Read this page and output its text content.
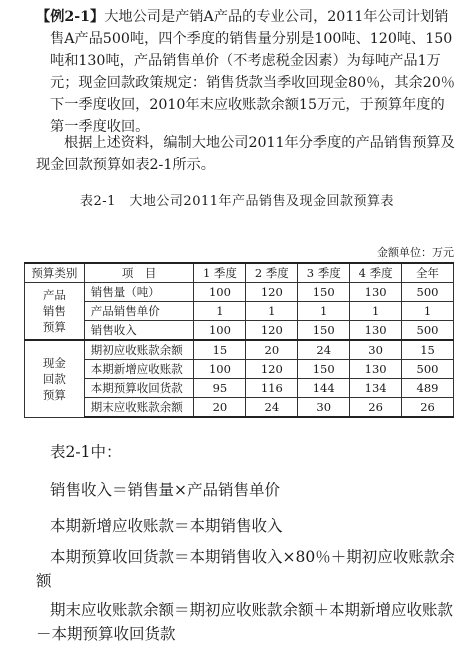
【例2-1】大地公司是产销A产品的专业公司，2011年公司计划销售A产品500吨，四个季度的销售量分别是100吨、120吨、150吨和130吨，产品销售单价（不考虑税金因素）为每吨产品1万元；现金回款政策规定：销售货款当季收回现金80％，其余20％下一季度收回，2010年末应收账款余额15万元，于预算年度的第一季度收回。

根据上述资料，编制大地公司2011年分季度的产品销售预算及现金回款预算如表2-1所示。

表2-1　大地公司2011年产品销售及现金回款预算表
金额单位：万元
预算类别	项　目	1 季度	2 季度	3 季度	4 季度	全年
产品
销售
预算	销售量（吨）	100	120	150	130	500
	产品销售单价	1	1	1	1	1
	销售收入	100	120	150	130	500
现金
回款
预算	期初应收账款余额	15	20	24	30	15
	本期新增应收账款	100	120	150	130	500
	本期预算收回货款	95	116	144	134	489
	期末应收账款余额	20	24	30	26	26

表2-1中：

销售收入＝销售量×产品销售单价

本期新增应收账款＝本期销售收入

本期预算收回货款＝本期销售收入×80％＋期初应收账款余额

期末应收账款余额＝期初应收账款余额＋本期新增应收账款－本期预算收回货款
